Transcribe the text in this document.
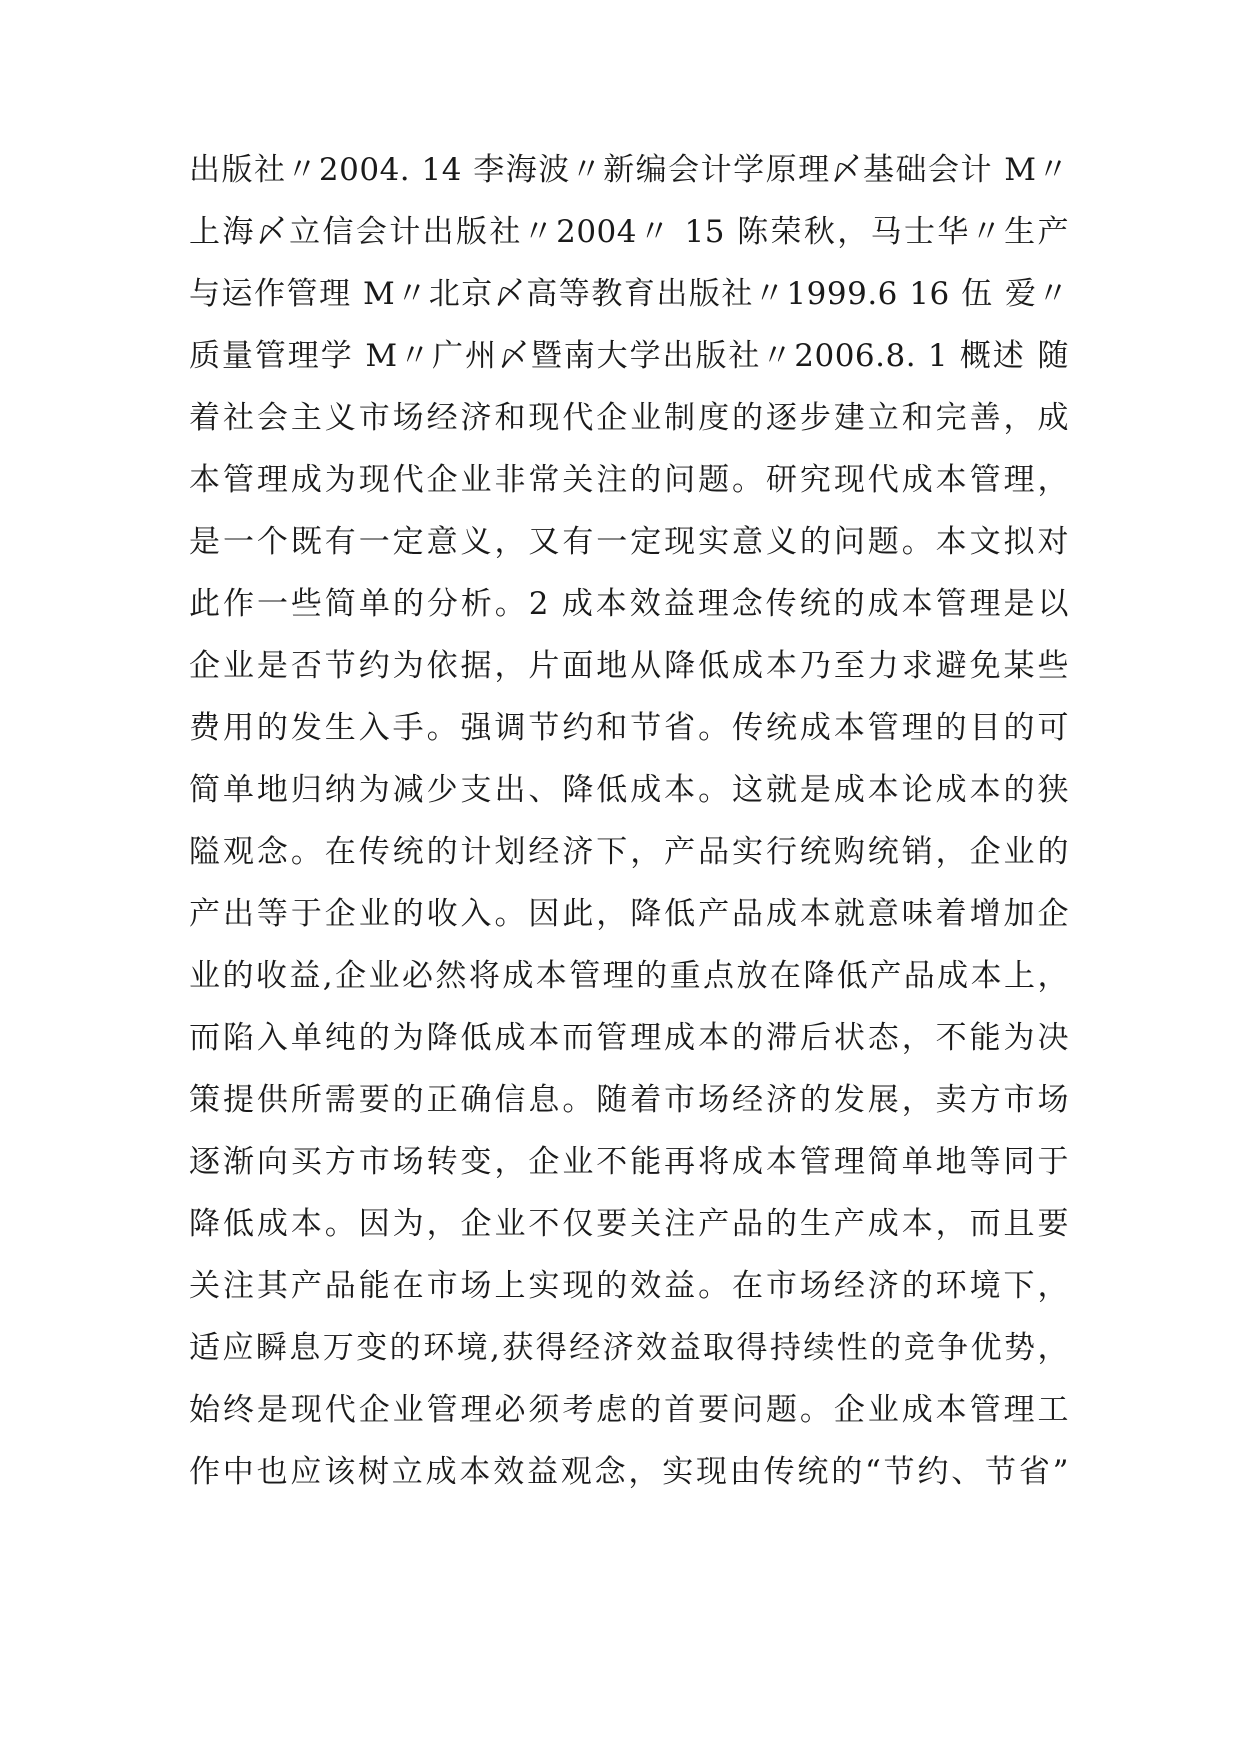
出版社〃2004. 14 李海波〃新编会计学原理〆基础会计 M〃
上海〆立信会计出版社〃2004〃 15 陈荣秋，马士华〃生产
与运作管理 M〃北京〆高等教育出版社〃1999.6 16 伍 爱〃
质量管理学 M〃广州〆暨南大学出版社〃2006.8. 1 概述 随
着社会主义市场经济和现代企业制度的逐步建立和完善，成
本管理成为现代企业非常关注的问题。研究现代成本管理，
是一个既有一定意义，又有一定现实意义的问题。本文拟对
此作一些简单的分析。2 成本效益理念传统的成本管理是以
企业是否节约为依据，片面地从降低成本乃至力求避免某些
费用的发生入手。强调节约和节省。传统成本管理的目的可
简单地归纳为减少支出、降低成本。这就是成本论成本的狭
隘观念。在传统的计划经济下，产品实行统购统销，企业的
产出等于企业的收入。因此，降低产品成本就意味着增加企
业的收益,企业必然将成本管理的重点放在降低产品成本上，
而陷入单纯的为降低成本而管理成本的滞后状态，不能为决
策提供所需要的正确信息。随着市场经济的发展，卖方市场
逐渐向买方市场转变，企业不能再将成本管理简单地等同于
降低成本。因为，企业不仅要关注产品的生产成本，而且要
关注其产品能在市场上实现的效益。在市场经济的环境下，
适应瞬息万变的环境,获得经济效益取得持续性的竞争优势，
始终是现代企业管理必须考虑的首要问题。企业成本管理工
作中也应该树立成本效益观念，实现由传统的“节约、节省”
